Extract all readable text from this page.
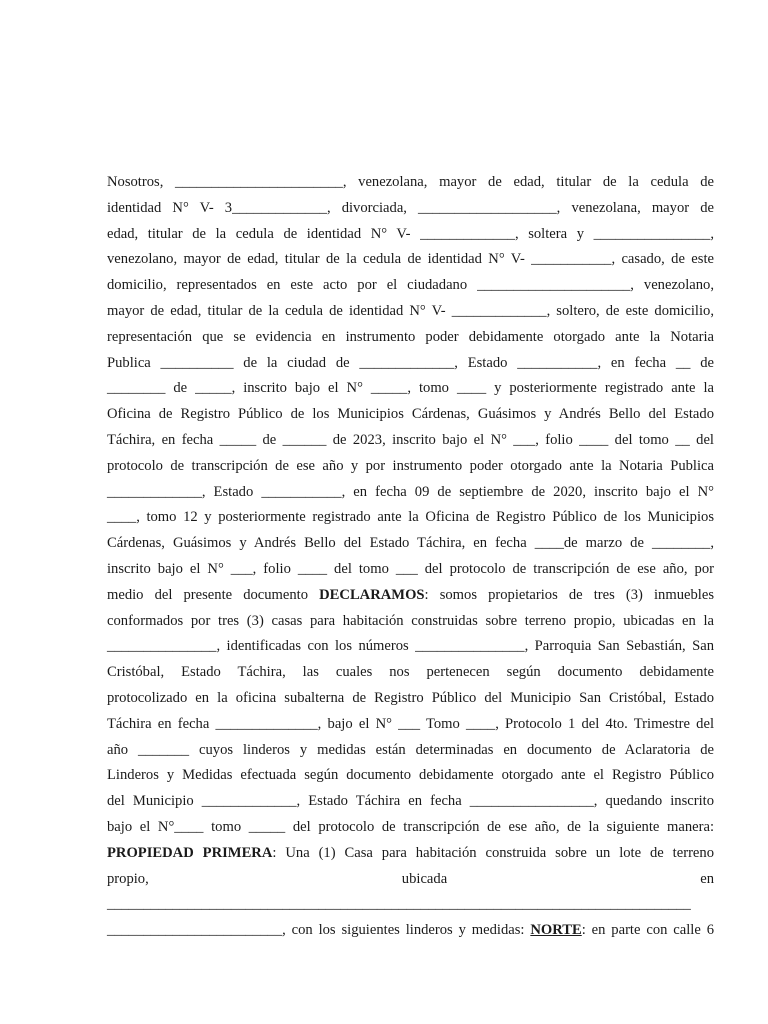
Nosotros, _______________________, venezolana, mayor de edad, titular de la cedula de
identidad N° V- 3_____________, divorciada, ___________________, venezolana, mayor de
edad, titular de la cedula de identidad N° V- _____________, soltera y ________________,
venezolano, mayor de edad, titular de la cedula de identidad N° V- ___________, casado, de este
domicilio, representados en este acto por el ciudadano _____________________, venezolano,
mayor de edad, titular de la cedula de identidad N° V- _____________, soltero, de este domicilio,
representación que se evidencia en instrumento poder debidamente otorgado ante la Notaria
Publica __________ de la ciudad de _____________, Estado ___________, en fecha __ de
________ de _____, inscrito bajo el N° _____, tomo ____ y posteriormente registrado ante la
Oficina de Registro Público de los Municipios Cárdenas, Guásimos y Andrés Bello del Estado
Táchira, en fecha _____ de ______ de 2023, inscrito bajo el N° ___, folio ____ del tomo __ del
protocolo de transcripción de ese año y por instrumento poder otorgado ante la Notaria Publica
_____________, Estado ___________, en fecha 09 de septiembre de 2020, inscrito bajo el N°
____, tomo 12 y posteriormente registrado ante la Oficina de Registro Público de los Municipios
Cárdenas, Guásimos y Andrés Bello del Estado Táchira, en fecha ____de marzo de ________,
inscrito bajo el N° ___, folio ____ del tomo ___ del protocolo de transcripción de ese año, por
medio del presente documento DECLARAMOS: somos propietarios de tres (3) inmuebles
conformados por tres (3) casas para habitación construidas sobre terreno propio, ubicadas en la
_______________, identificadas con los números _______________, Parroquia San Sebastián, San
Cristóbal, Estado Táchira, las cuales nos pertenecen según documento debidamente
protocolizado en la oficina subalterna de Registro Público del Municipio San Cristóbal, Estado
Táchira en fecha ______________, bajo el N° ___ Tomo ____, Protocolo 1 del 4to. Trimestre del
año _______ cuyos linderos y medidas están determinadas en documento de Aclaratoria de
Linderos y Medidas efectuada según documento debidamente otorgado ante el Registro Público
del Municipio _____________, Estado Táchira en fecha _________________, quedando inscrito
bajo el N°____ tomo _____ del protocolo de transcripción de ese año, de la siguiente manera:
PROPIEDAD PRIMERA: Una (1) Casa para habitación construida sobre un lote de terreno
propio, ubicada en
________________________________________________________________________________
________________________, con los siguientes linderos y medidas: NORTE: en parte con calle 6
